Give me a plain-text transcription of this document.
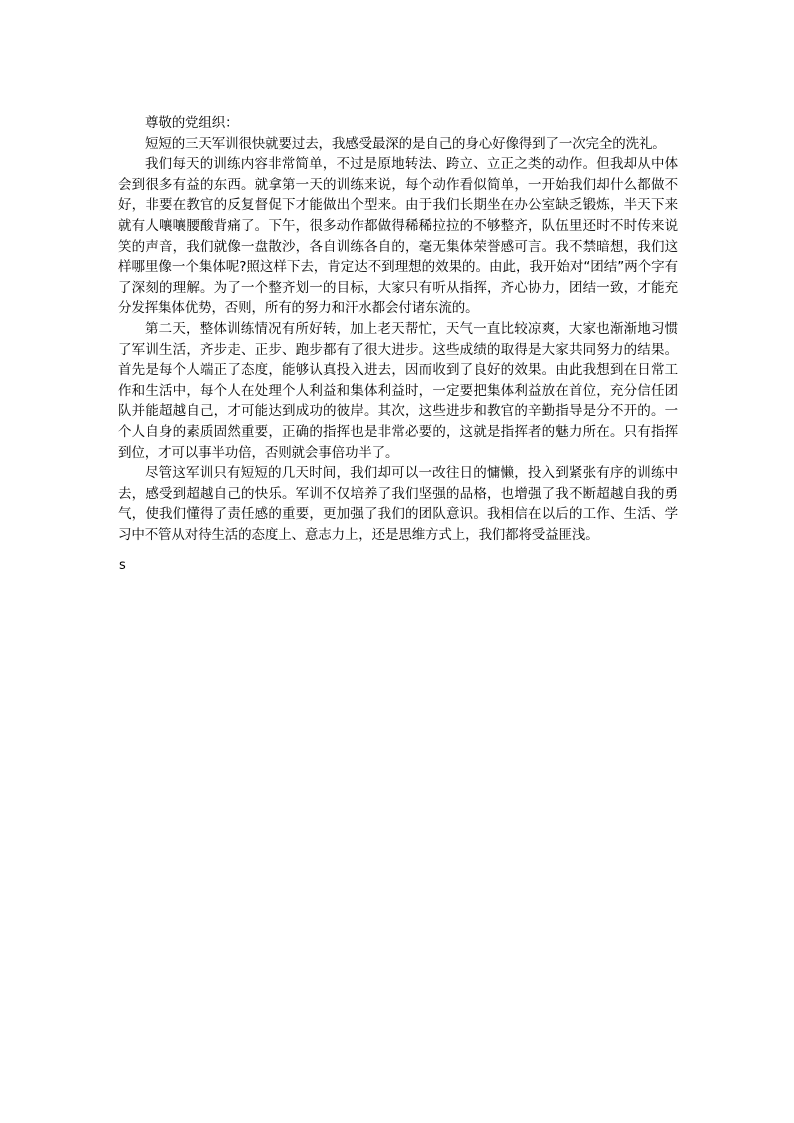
尊敬的党组织：

短短的三天军训很快就要过去，我感受最深的是自己的身心好像得到了一次完全的洗礼。

我们每天的训练内容非常简单，不过是原地转法、跨立、立正之类的动作。但我却从中体会到很多有益的东西。就拿第一天的训练来说，每个动作看似简单，一开始我们却什么都做不好，非要在教官的反复督促下才能做出个型来。由于我们长期坐在办公室缺乏锻炼，半天下来就有人嚷嚷腰酸背痛了。下午，很多动作都做得稀稀拉拉的不够整齐，队伍里还时不时传来说笑的声音，我们就像一盘散沙，各自训练各自的，毫无集体荣誉感可言。我不禁暗想，我们这样哪里像一个集体呢?照这样下去，肯定达不到理想的效果的。由此，我开始对“团结”两个字有了深刻的理解。为了一个整齐划一的目标，大家只有听从指挥，齐心协力，团结一致，才能充分发挥集体优势，否则，所有的努力和汗水都会付诸东流的。

第二天，整体训练情况有所好转，加上老天帮忙，天气一直比较凉爽，大家也渐渐地习惯了军训生活，齐步走、正步、跑步都有了很大进步。这些成绩的取得是大家共同努力的结果。首先是每个人端正了态度，能够认真投入进去，因而收到了良好的效果。由此我想到在日常工作和生活中，每个人在处理个人利益和集体利益时，一定要把集体利益放在首位，充分信任团队并能超越自己，才可能达到成功的彼岸。其次，这些进步和教官的辛勤指导是分不开的。一个人自身的素质固然重要，正确的指挥也是非常必要的，这就是指挥者的魅力所在。只有指挥到位，才可以事半功倍，否则就会事倍功半了。

尽管这军训只有短短的几天时间，我们却可以一改往日的慵懒，投入到紧张有序的训练中去，感受到超越自己的快乐。军训不仅培养了我们坚强的品格，也增强了我不断超越自我的勇气，使我们懂得了责任感的重要，更加强了我们的团队意识。我相信在以后的工作、生活、学习中不管从对待生活的态度上、意志力上，还是思维方式上，我们都将受益匪浅。

s
